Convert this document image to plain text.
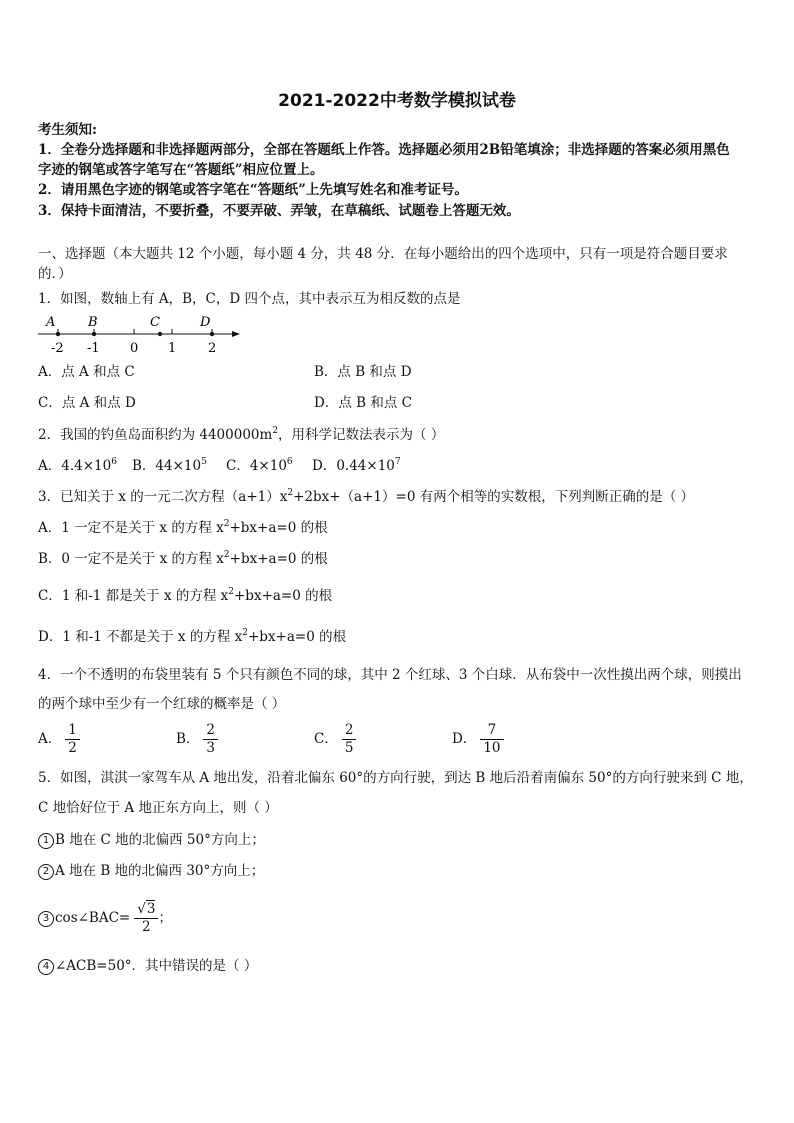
2021-2022中考数学模拟试卷
考生须知:
1．全卷分选择题和非选择题两部分，全部在答题纸上作答。选择题必须用2B铅笔填涂；非选择题的答案必须用黑色
字迹的钢笔或答字笔写在“答题纸”相应位置上。
2．请用黑色字迹的钢笔或答字笔在“答题纸”上先填写姓名和准考证号。
3．保持卡面清洁，不要折叠，不要弄破、弄皱，在草稿纸、试题卷上答题无效。
一、选择题（本大题共 12 个小题，每小题 4 分，共 48 分．在每小题给出的四个选项中，只有一项是符合题目要求
的．）
1．如图，数轴上有 A，B，C，D 四个点，其中表示互为相反数的点是
A	B	C	D
-2 -1 0 1 2
A．点 A 和点 C	B．点 B 和点 D
C．点 A 和点 D	D．点 B 和点 C
2．我国的钓鱼岛面积约为 $4400000m^2$，用科学记数法表示为（ ）
A．$4.4\times 10^6$ B．$44\times 10^5$ C．$4\times 10^6$ D．$0.44\times 10^7$
3．已知关于 x 的一元二次方程$(a+1)x^2+2bx+(a+1)=0$ 有两个相等的实数根，下列判断正确的是（ ）
A．1 一定不是关于 x 的方程 $x^2+bx+a=0$ 的根
B．0 一定不是关于 x 的方程 $x^2+bx+a=0$ 的根
C．1 和-1 都是关于 x 的方程 $x^2+bx+a=0$ 的根
D．1 和-1 不都是关于 x 的方程 $x^2+bx+a=0$ 的根
4．一个不透明的布袋里装有 5 个只有颜色不同的球，其中 2 个红球、3 个白球．从布袋中一次性摸出两个球，则摸出
的两个球中至少有一个红球的概率是（ ）
A． $\frac{1}{2}$	B． $\frac{2}{3}$	C． $\frac{2}{5}$	D． $\frac{7}{10}$
5．如图，淇淇一家驾车从 A 地出发，沿着北偏东 60°的方向行驶，到达 B 地后沿着南偏东 50°的方向行驶来到 C 地，
C 地恰好位于 A 地正东方向上，则（ ）
1 B 地在 C 地的北偏西 50°方向上；
2 A 地在 B 地的北偏西 30°方向上；
3 cos∠BAC= $\frac{√3}{2}$ ；
4 ∠ACB=50°．其中错误的是（ ）
